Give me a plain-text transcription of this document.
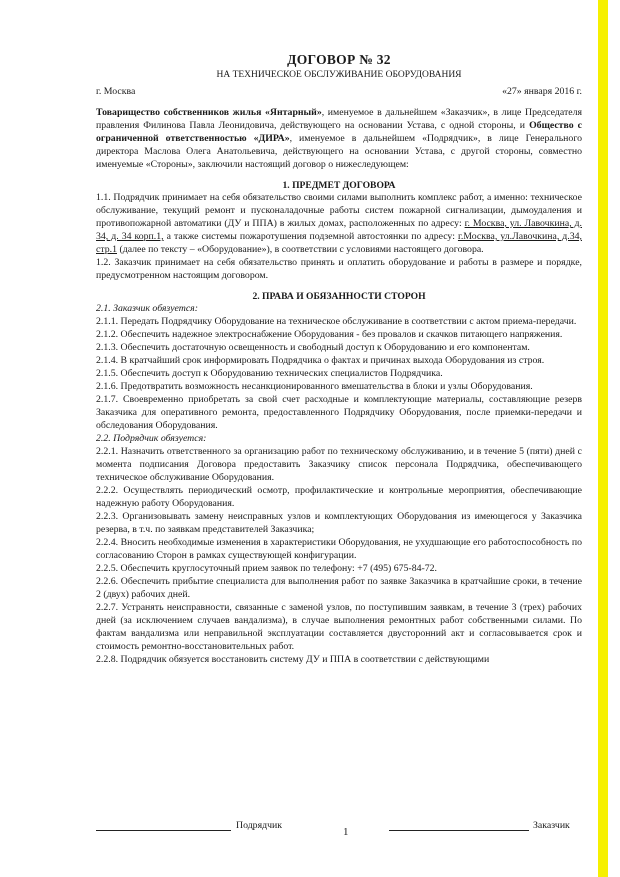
ДОГОВОР № 32
НА ТЕХНИЧЕСКОЕ ОБСЛУЖИВАНИЕ ОБОРУДОВАНИЯ
г. Москва	«27» января 2016 г.
Товарищество собственников жилья «Янтарный», именуемое в дальнейшем «Заказчик», в лице Председателя правления Филинова Павла Леонидовича, действующего на основании Устава, с одной стороны, и Общество с ограниченной ответственностью «ДИРА», именуемое в дальнейшем «Подрядчик», в лице Генерального директора Маслова Олега Анатольевича, действующего на основании Устава, с другой стороны, совместно именуемые «Стороны», заключили настоящий договор о нижеследующем:
1. ПРЕДМЕТ ДОГОВОРА

1.1. Подрядчик принимает на себя обязательство своими силами выполнить комплекс работ, а именно: техническое обслуживание, текущий ремонт и пусконаладочные работы систем пожарной сигнализации, дымоудаления и противопожарной автоматики (ДУ и ППА) в жилых домах, расположенных по адресу: г. Москва, ул. Лавочкина, д. 34, д. 34 корп.1, а также системы пожаротушения подземной автостоянки по адресу: г.Москва, ул.Лавочкина, д.34, стр.1 (далее по тексту – «Оборудование»), в соответствии с условиями настоящего договора.

1.2. Заказчик принимает на себя обязательство принять и оплатить оборудование и работы в размере и порядке, предусмотренном настоящим договором.

2. ПРАВА И ОБЯЗАННОСТИ СТОРОН

2.1. Заказчик обязуется:

2.1.1. Передать Подрядчику Оборудование на техническое обслуживание в соответствии с актом приема-передачи.

2.1.2. Обеспечить надежное электроснабжение Оборудования - без провалов и скачков питающего напряжения.

2.1.3. Обеспечить достаточную освещенность и свободный доступ к Оборудованию и его компонентам.

2.1.4. В кратчайший срок информировать Подрядчика о фактах и причинах выхода Оборудования из строя.

2.1.5. Обеспечить доступ к Оборудованию технических специалистов Подрядчика.

2.1.6. Предотвратить возможность несанкционированного вмешательства в блоки и узлы Оборудования.

2.1.7. Своевременно приобретать за свой счет расходные и комплектующие материалы, составляющие резерв Заказчика для оперативного ремонта, предоставленного Подрядчику Оборудования, после приемки-передачи и обследования Оборудования.

2.2. Подрядчик обязуется:

2.2.1. Назначить ответственного за организацию работ по техническому обслуживанию, и в течение 5 (пяти) дней с момента подписания Договора предоставить Заказчику список персонала Подрядчика, обеспечивающего техническое обслуживание Оборудования.

2.2.2. Осуществлять периодический осмотр, профилактические и контрольные мероприятия, обеспечивающие надежную работу Оборудования.

2.2.3. Организовывать замену неисправных узлов и комплектующих Оборудования из имеющегося у Заказчика резерва, в т.ч. по заявкам представителей Заказчика;

2.2.4. Вносить необходимые изменения в характеристики Оборудования, не ухудшающие его работоспособность по согласованию Сторон в рамках существующей конфигурации.

2.2.5. Обеспечить круглосуточный прием заявок по телефону: +7 (495) 675-84-72.

2.2.6. Обеспечить прибытие специалиста для выполнения работ по заявке Заказчика в кратчайшие сроки, в течение 2 (двух) рабочих дней.

2.2.7. Устранять неисправности, связанные с заменой узлов, по поступившим заявкам, в течение 3 (трех) рабочих дней (за исключением случаев вандализма), в случае выполнения ремонтных работ собственными силами. По фактам вандализма или неправильной эксплуатации составляется двусторонний акт и согласовывается срок и стоимость ремонтно-восстановительных работ.

2.2.8. Подрядчик обязуется восстановить систему ДУ и ППА в соответствии с действующими

Подрядчик
1
Заказчик
